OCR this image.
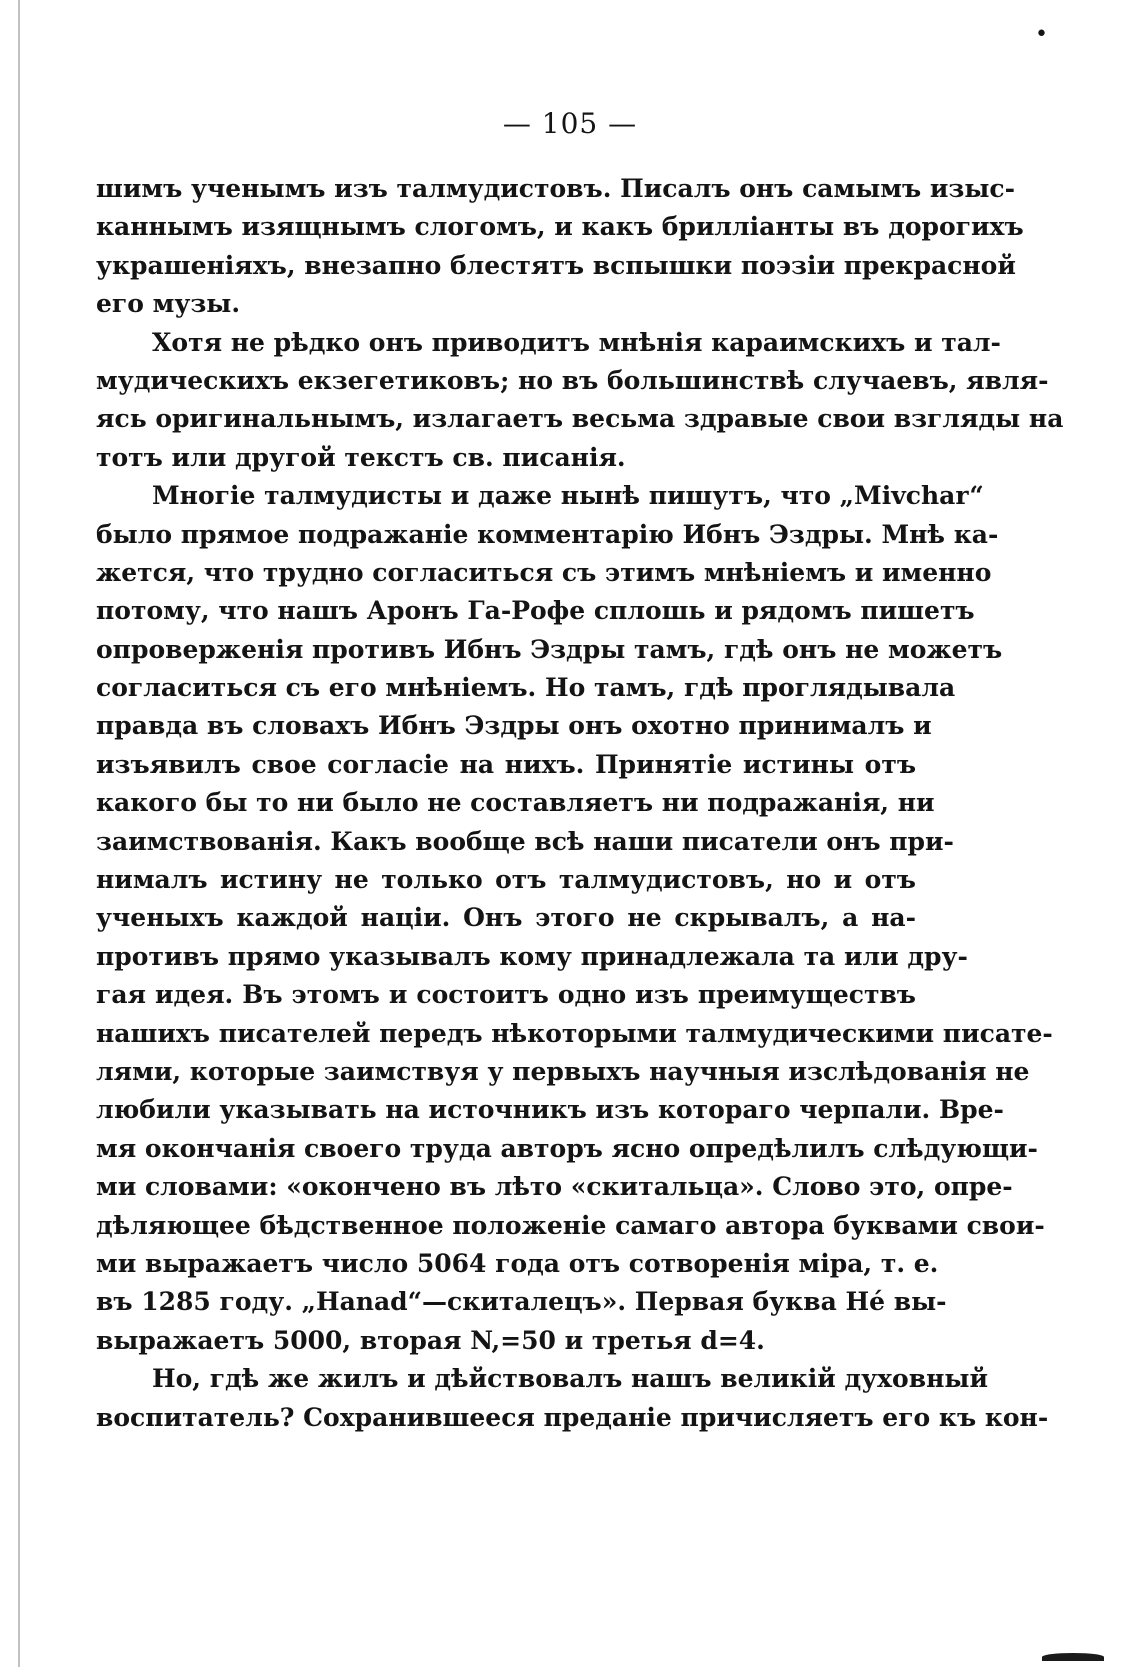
•
— 105 —
шимъ ученымъ изъ талмудистовъ. Писалъ онъ самымъ изыс-
каннымъ изящнымъ слогомъ, и какъ брилліанты въ дорогихъ
украшеніяхъ, внезапно блестятъ вспышки поэзіи прекрасной
его музы.
Хотя не рѣдко онъ приводитъ мнѣнія караимскихъ и тал-
мудическихъ екзегетиковъ; но въ большинствѣ случаевъ, явля-
ясь оригинальнымъ, излагаетъ весьма здравые свои взгляды на
тотъ или другой текстъ св. писанія.
Многіе талмудисты и даже нынѣ пишутъ, что „Mivchar“
было прямое подражаніе комментарію Ибнъ Эздры. Мнѣ ка-
жется, что трудно согласиться съ этимъ мнѣніемъ и именно
потому, что нашъ Аронъ Га-Рофе сплошь и рядомъ пишетъ
опроверженія противъ Ибнъ Эздры тамъ, гдѣ онъ не можетъ
согласиться съ его мнѣніемъ. Но тамъ, гдѣ проглядывала
правда въ словахъ Ибнъ Эздры онъ охотно принималъ и
изъявилъ свое согласіе на нихъ. Принятіе истины отъ
какого бы то ни было не составляетъ ни подражанія, ни
заимствованія. Какъ вообще всѣ наши писатели онъ при-
нималъ истину не только отъ талмудистовъ, но и отъ
ученыхъ каждой націи. Онъ этого не скрывалъ, а на-
противъ прямо указывалъ кому принадлежала та или дру-
гая идея. Въ этомъ и состоитъ одно изъ преимуществъ
нашихъ писателей передъ нѣкоторыми талмудическими писате-
лями, которые заимствуя у первыхъ научныя изслѣдованія не
любили указывать на источникъ изъ котораго черпали. Вре-
мя окончанія своего труда авторъ ясно опредѣлилъ слѣдующи-
ми словами: «окончено въ лѣто «скитальца». Слово это, опре-
дѣляющее бѣдственное положеніе самаго автора буквами свои-
ми выражаетъ число 5064 года отъ сотворенія міра, т. е.
въ 1285 году. „Hanad“—скиталецъ». Первая буква Hé вы-
выражаетъ 5000, вторая N,=50 и третья d=4.
Но, гдѣ же жилъ и дѣйствовалъ нашъ великій духовный
воспитатель? Сохранившееся преданіе причисляетъ его къ кон-
